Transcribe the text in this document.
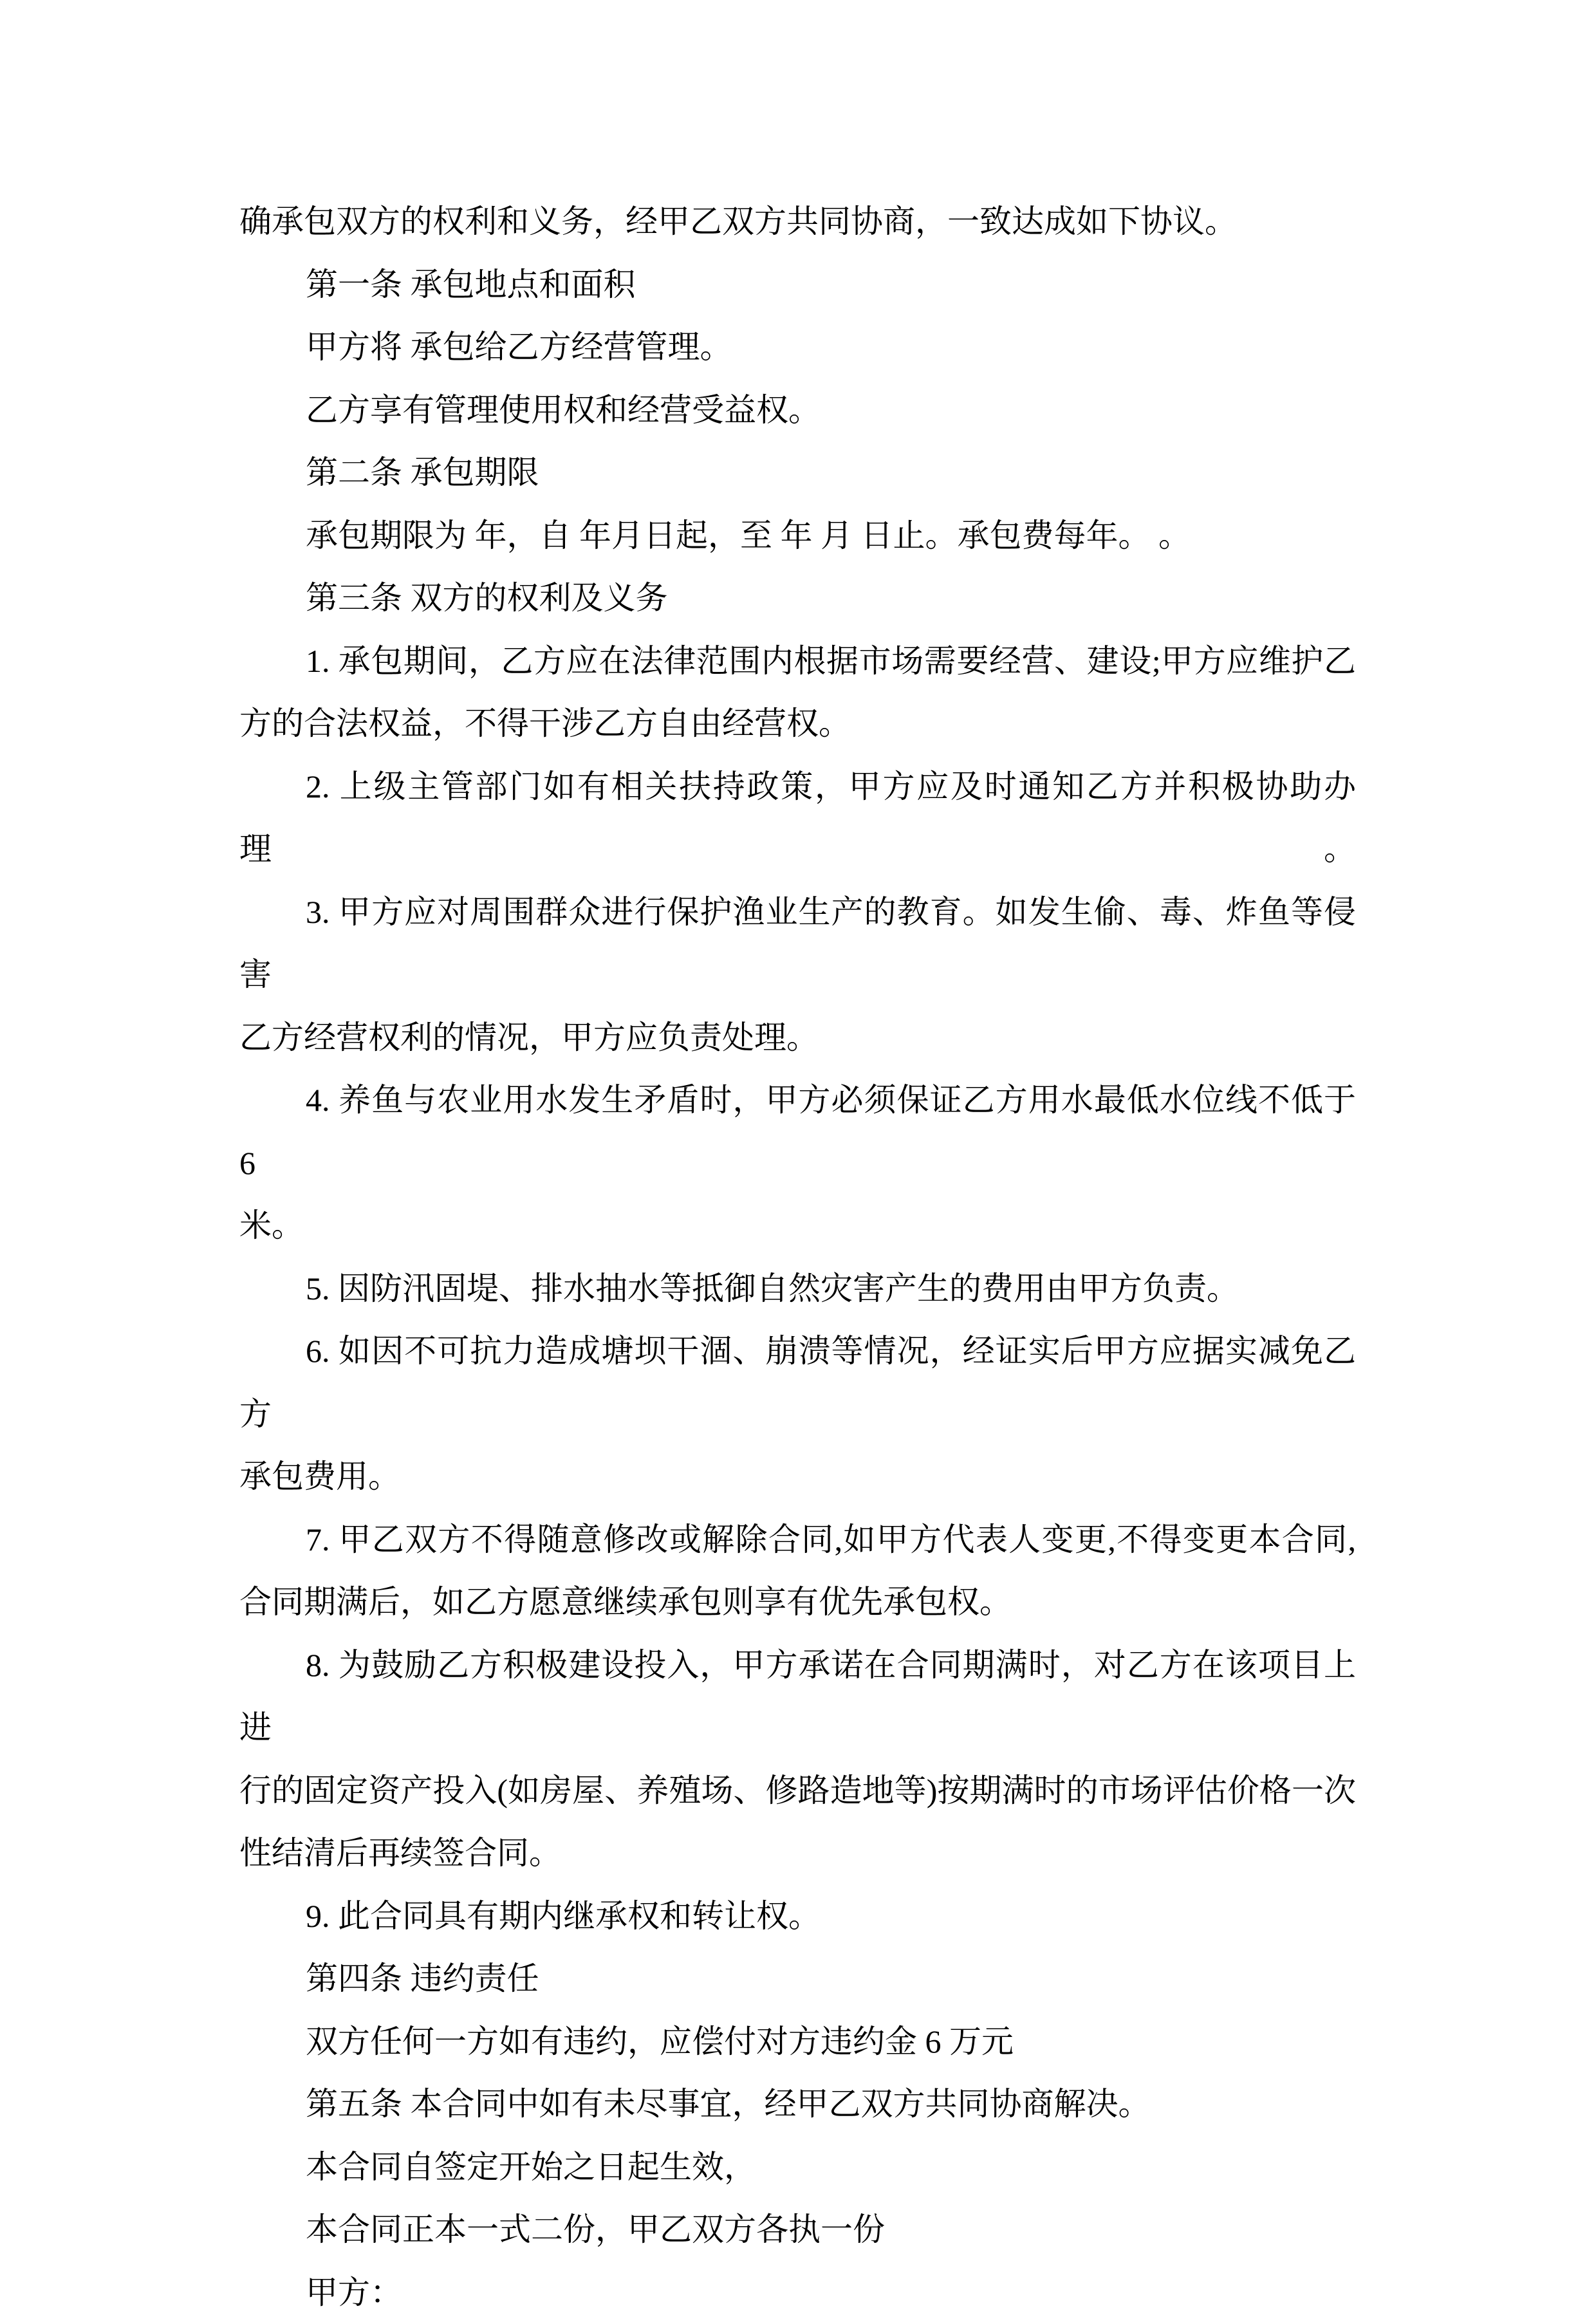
确承包双方的权利和义务，经甲乙双方共同协商，一致达成如下协议。

第一条 承包地点和面积

甲方将 承包给乙方经营管理。

乙方享有管理使用权和经营受益权。

第二条 承包期限

承包期限为 年，自 年月日起，至 年 月 日止。承包费每年。 。

第三条 双方的权利及义务

1. 承包期间，乙方应在法律范围内根据市场需要经营、建设;甲方应维护乙

方的合法权益，不得干涉乙方自由经营权。

2. 上级主管部门如有相关扶持政策，甲方应及时通知乙方并积极协助办理。

3. 甲方应对周围群众进行保护渔业生产的教育。如发生偷、毒、炸鱼等侵害

乙方经营权利的情况，甲方应负责处理。

4. 养鱼与农业用水发生矛盾时，甲方必须保证乙方用水最低水位线不低于 6

米。

5. 因防汛固堤、排水抽水等抵御自然灾害产生的费用由甲方负责。

6. 如因不可抗力造成塘坝干涸、崩溃等情况，经证实后甲方应据实减免乙方

承包费用。

7. 甲乙双方不得随意修改或解除合同,如甲方代表人变更,不得变更本合同,

合同期满后，如乙方愿意继续承包则享有优先承包权。

8. 为鼓励乙方积极建设投入，甲方承诺在合同期满时，对乙方在该项目上进

行的固定资产投入(如房屋、养殖场、修路造地等)按期满时的市场评估价格一次

性结清后再续签合同。

9. 此合同具有期内继承权和转让权。

第四条 违约责任

双方任何一方如有违约，应偿付对方违约金 6 万元

第五条 本合同中如有未尽事宜，经甲乙双方共同协商解决。

本合同自签定开始之日起生效，

本合同正本一式二份，甲乙双方各执一份

甲方：
